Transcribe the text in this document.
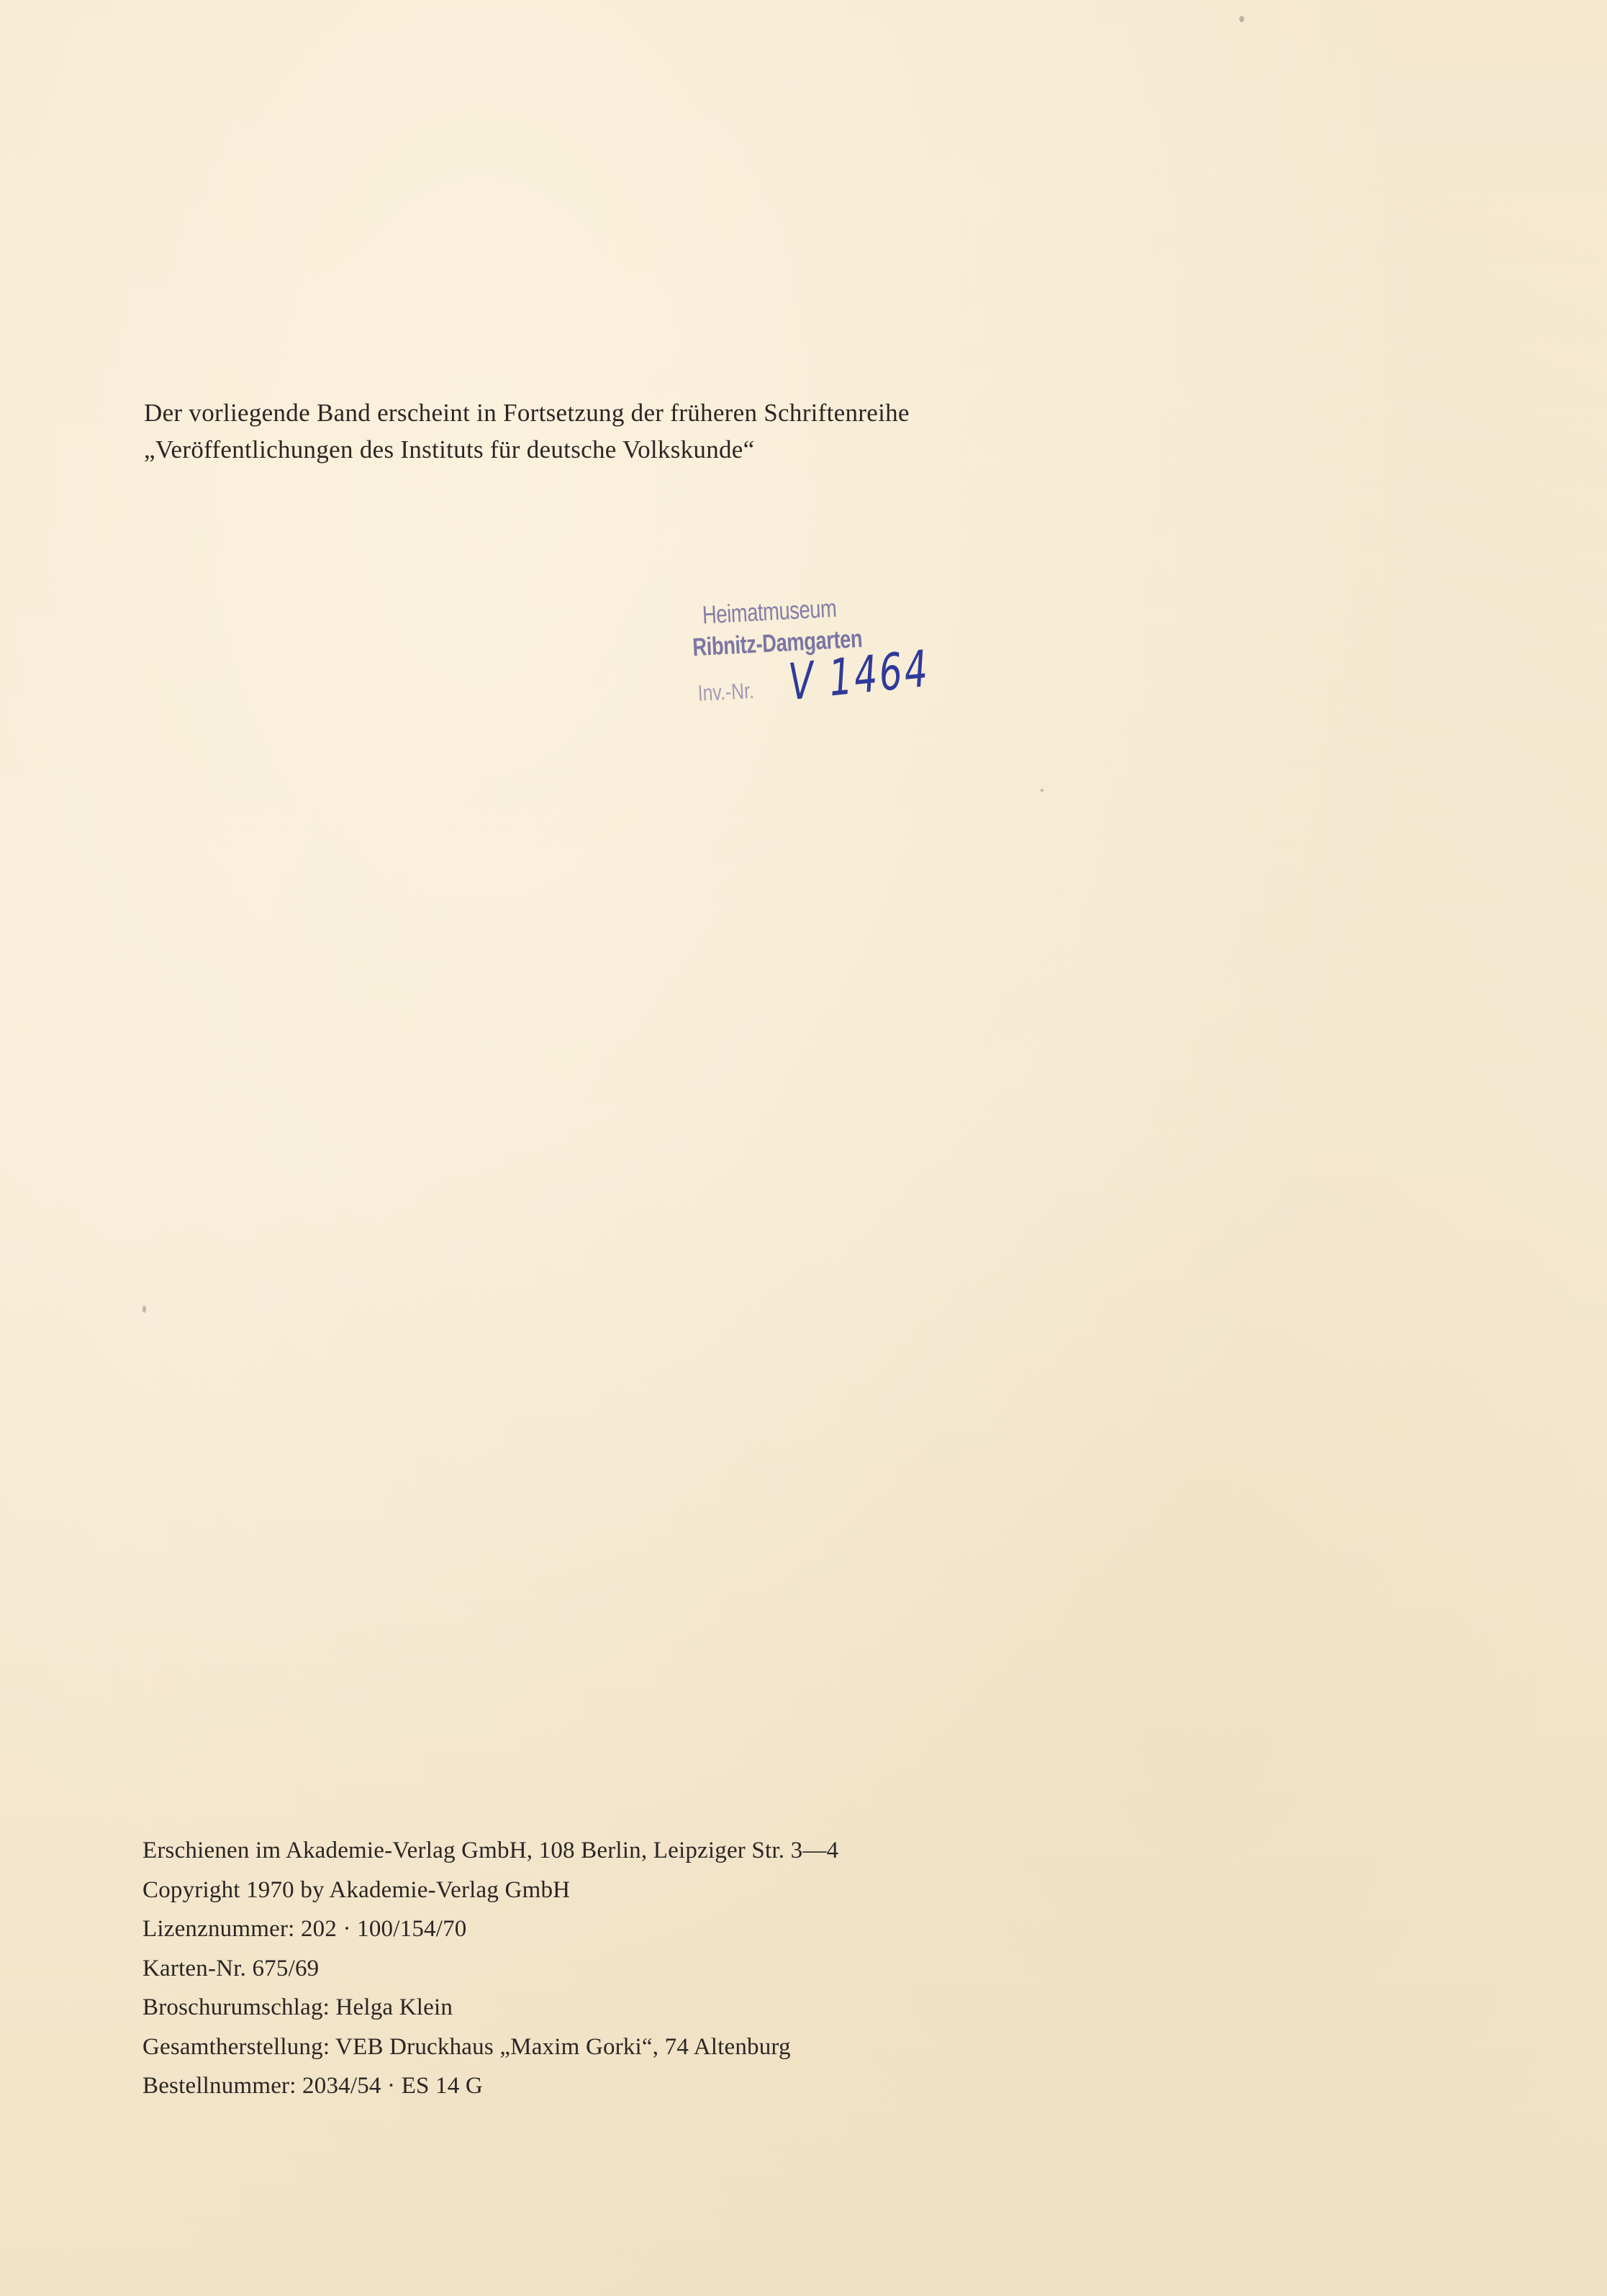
Der vorliegende Band erscheint in Fortsetzung der früheren Schriftenreihe
„Veröffentlichungen des Instituts für deutsche Volkskunde“
Heimatmuseum
Ribnitz-Damgarten
Inv.-Nr. V 1464
Erschienen im Akademie-Verlag GmbH, 108 Berlin, Leipziger Str. 3—4
Copyright 1970 by Akademie-Verlag GmbH
Lizenznummer: 202 · 100/154/70
Karten-Nr. 675/69
Broschurumschlag: Helga Klein
Gesamtherstellung: VEB Druckhaus „Maxim Gorki“, 74 Altenburg
Bestellnummer: 2034/54 · ES 14 G
